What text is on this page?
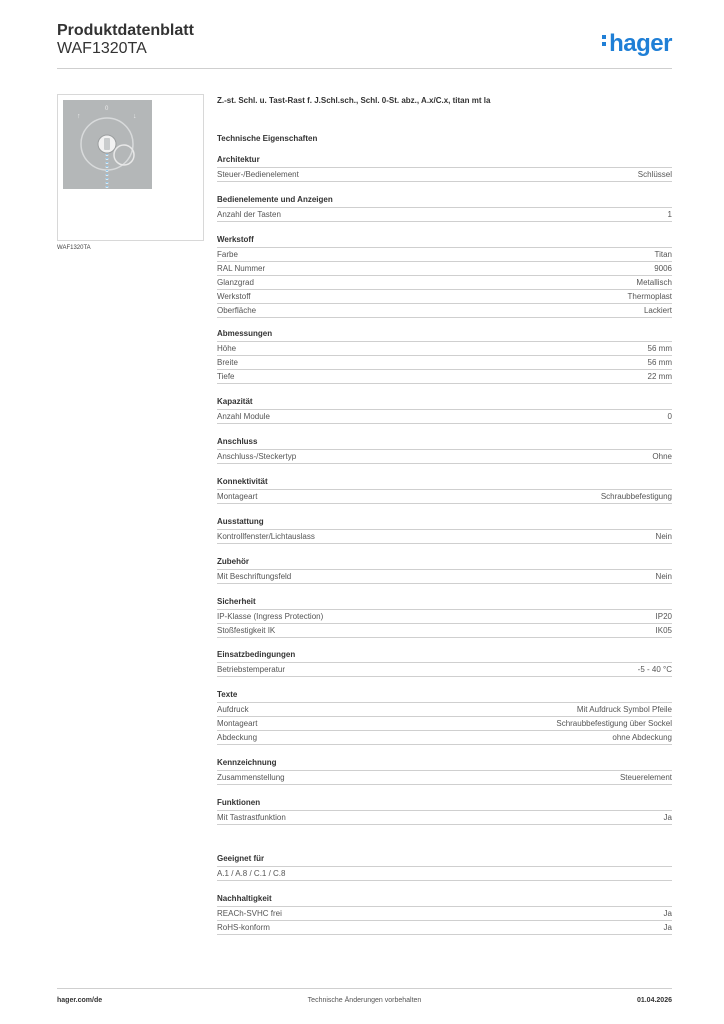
Produktdatenblatt
WAF1320TA	hager
↑
0
↓
WAF1320TA
Z.-st. Schl. u. Tast-Rast f. J.Schl.sch., Schl. 0-St. abz., A.x/C.x, titan mt la
Technische Eigenschaften
Architektur
Steuer-/Bedienelement	Schlüssel
Bedienelemente und Anzeigen
Anzahl der Tasten	1
Werkstoff
Farbe	Titan
RAL Nummer	9006
Glanzgrad	Metallisch
Werkstoff	Thermoplast
Oberfläche	Lackiert
Abmessungen
Höhe	56 mm
Breite	56 mm
Tiefe	22 mm
Kapazität
Anzahl Module	0
Anschluss
Anschluss-/Steckertyp	Ohne
Konnektivität
Montageart	Schraubbefestigung
Ausstattung
Kontrollfenster/Lichtauslass	Nein
Zubehör
Mit Beschriftungsfeld	Nein
Sicherheit
IP-Klasse (Ingress Protection)	IP20
Stoßfestigkeit IK	IK05
Einsatzbedingungen
Betriebstemperatur	-5 - 40 °C
Texte
Aufdruck	Mit Aufdruck Symbol Pfeile
Montageart	Schraubbefestigung über Sockel
Abdeckung	ohne Abdeckung
Kennzeichnung
Zusammenstellung	Steuerelement
Funktionen
Mit Tastrastfunktion	Ja
Geeignet für
A.1 / A.8 / C.1 / C.8
Nachhaltigkeit
REACh-SVHC frei	Ja
RoHS-konform	Ja
hager.com/de	Technische Änderungen vorbehalten	01.04.2026
